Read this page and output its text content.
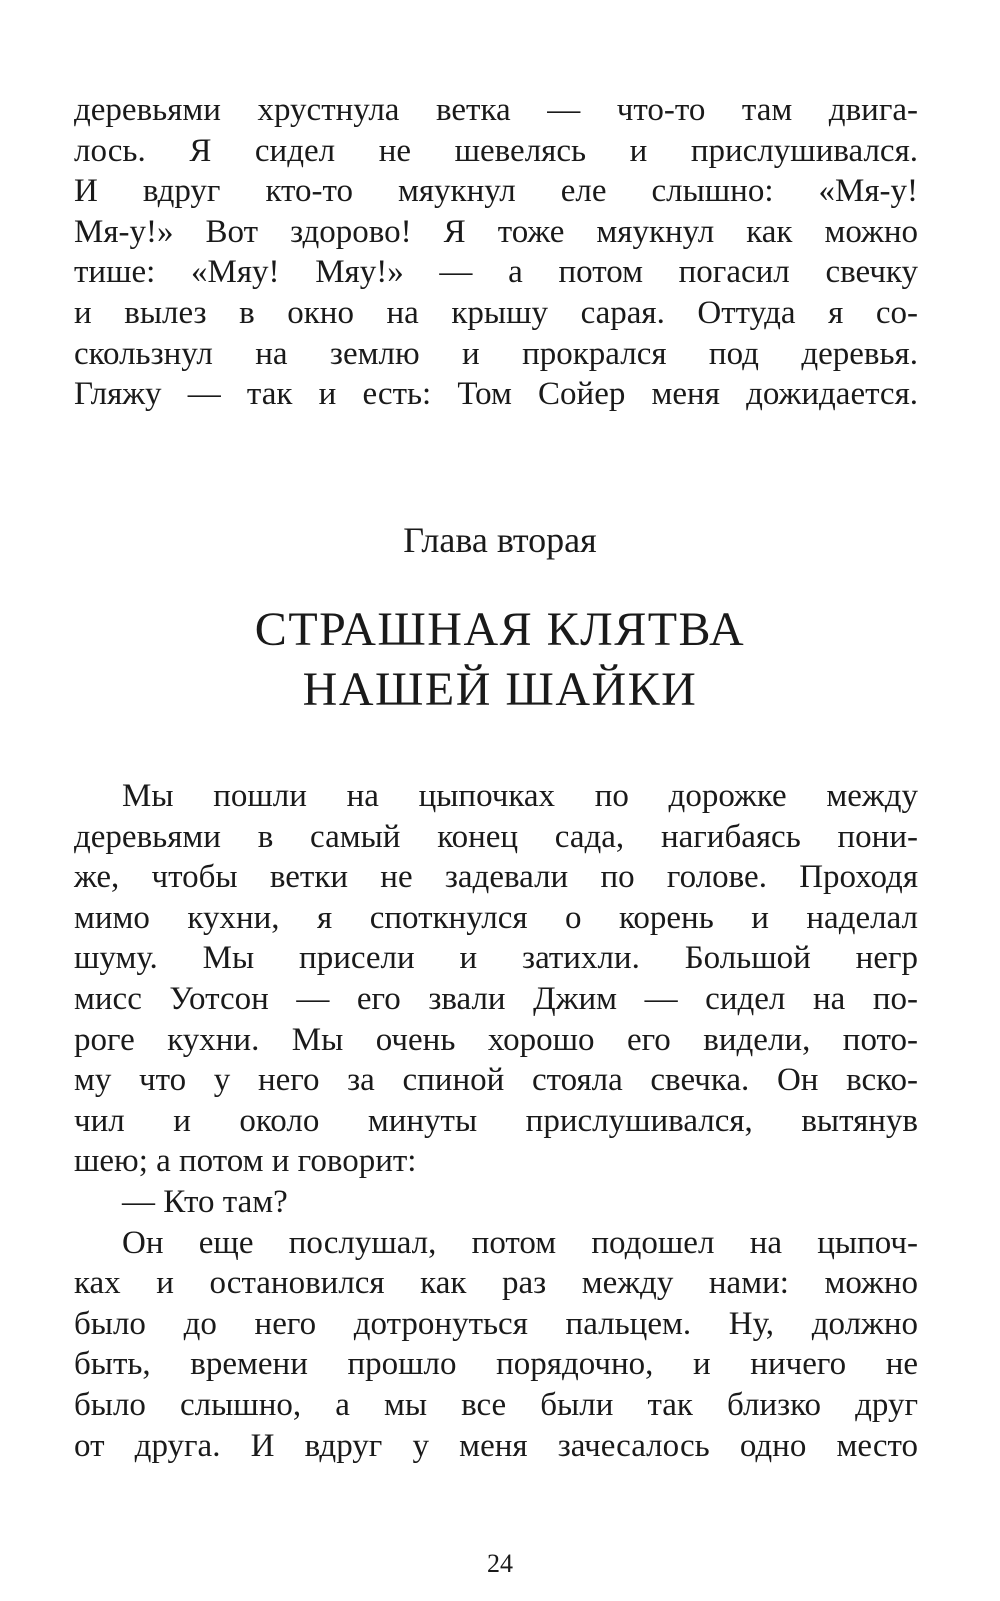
деревьями хрустнула ветка — что-то там двига-
лось. Я сидел не шевелясь и прислушивался.
И вдруг кто-то мяукнул еле слышно: «Мя-у!
Мя-у!» Вот здорово! Я тоже мяукнул как можно
тише: «Мяу! Мяу!» — а потом погасил свечку
и вылез в окно на крышу сарая. Оттуда я со-
скользнул на землю и прокрался под деревья.
Гляжу — так и есть: Том Сойер меня дожидается.
Глава вторая
СТРАШНАЯ КЛЯТВА
НАШЕЙ ШАЙКИ
Мы пошли на цыпочках по дорожке между
деревьями в самый конец сада, нагибаясь пони-
же, чтобы ветки не задевали по голове. Проходя
мимо кухни, я споткнулся о корень и наделал
шуму. Мы присели и затихли. Большой негр
мисс Уотсон — его звали Джим — сидел на по-
роге кухни. Мы очень хорошо его видели, пото-
му что у него за спиной стояла свечка. Он вско-
чил и около минуты прислушивался, вытянув
шею; а потом и говорит:
— Кто там?
Он еще послушал, потом подошел на цыпоч-
ках и остановился как раз между нами: можно
было до него дотронуться пальцем. Ну, должно
быть, времени прошло порядочно, и ничего не
было слышно, а мы все были так близко друг
от друга. И вдруг у меня зачесалось одно место
24
